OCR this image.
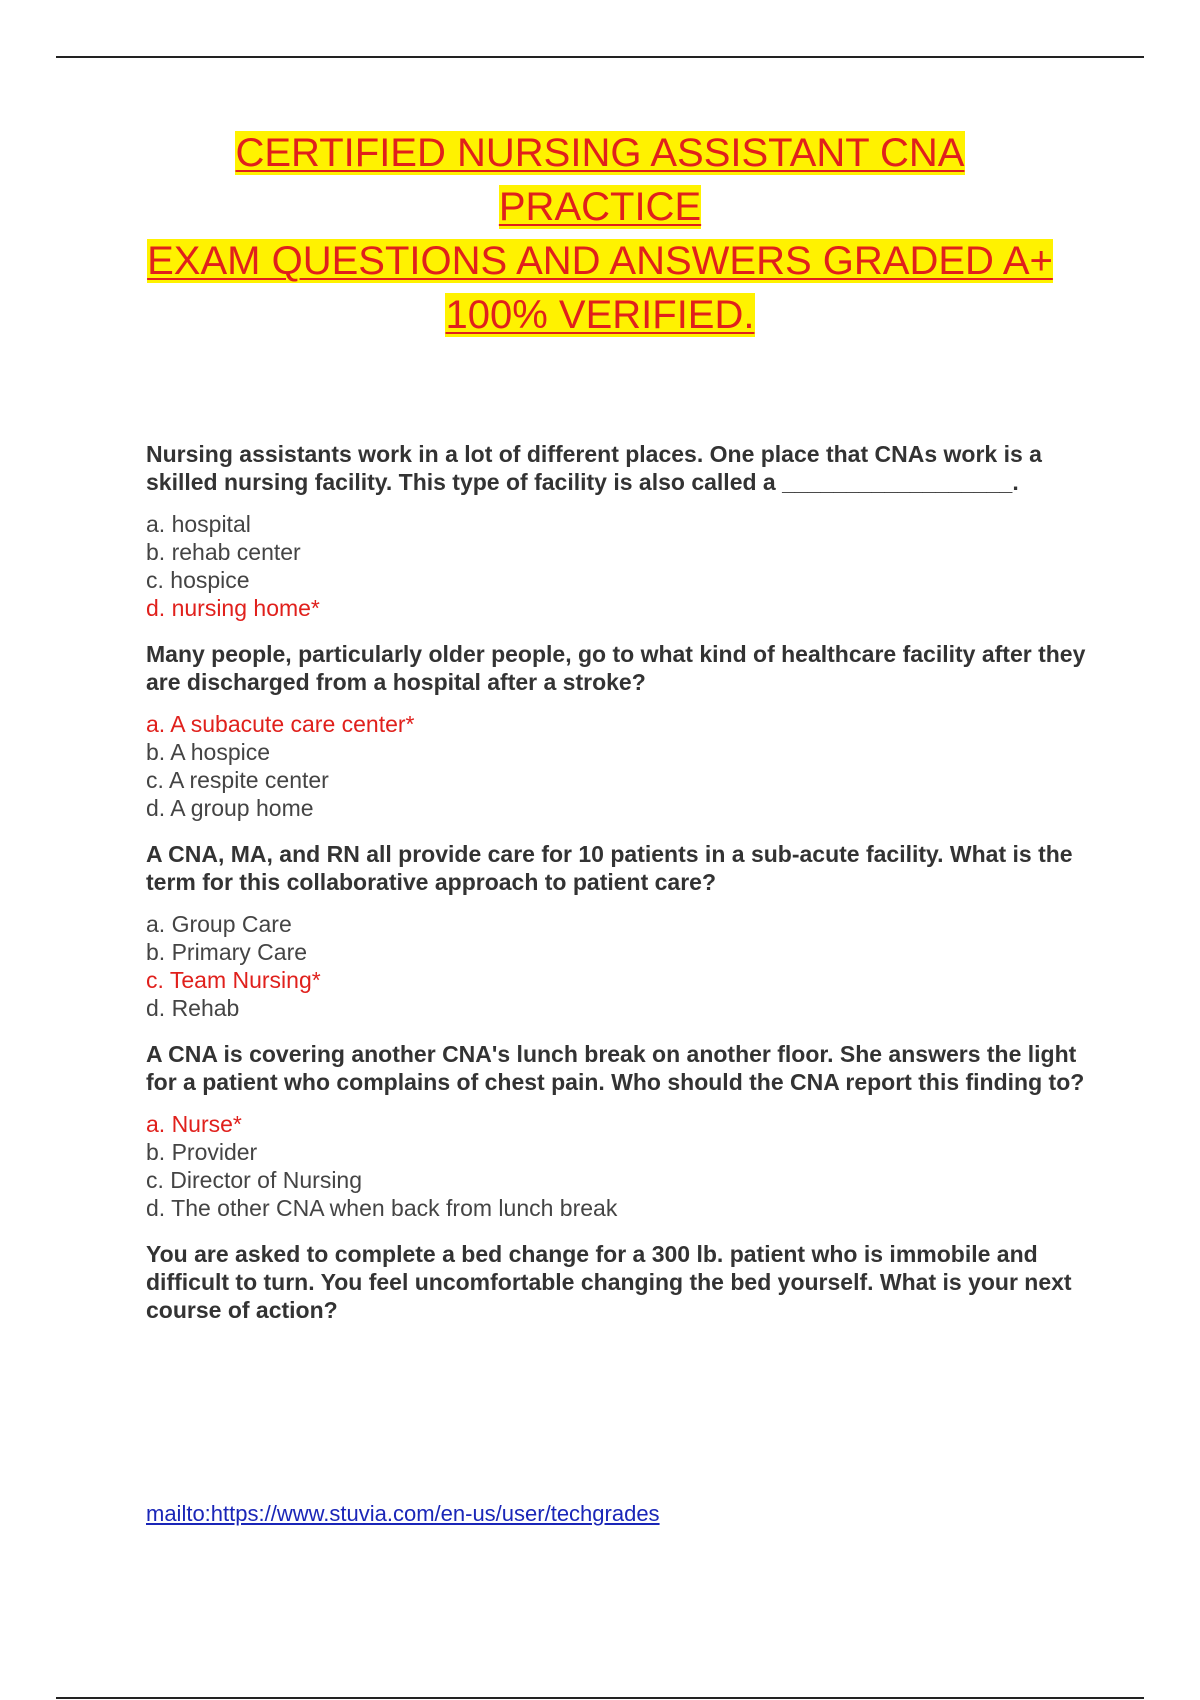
CERTIFIED NURSING ASSISTANT CNA PRACTICE
EXAM QUESTIONS AND ANSWERS GRADED A+
100% VERIFIED.

Nursing assistants work in a lot of different places. One place that CNAs work is a skilled nursing facility. This type of facility is also called a __________________.

a. hospital
b. rehab center
c. hospice
d. nursing home*

Many people, particularly older people, go to what kind of healthcare facility after they are discharged from a hospital after a stroke?

a. A subacute care center*
b. A hospice
c. A respite center
d. A group home

A CNA, MA, and RN all provide care for 10 patients in a sub-acute facility. What is the term for this collaborative approach to patient care?

a. Group Care
b. Primary Care
c. Team Nursing*
d. Rehab

A CNA is covering another CNA's lunch break on another floor. She answers the light for a patient who complains of chest pain. Who should the CNA report this finding to?

a. Nurse*
b. Provider
c. Director of Nursing
d. The other CNA when back from lunch break

You are asked to complete a bed change for a 300 lb. patient who is immobile and difficult to turn. You feel uncomfortable changing the bed yourself. What is your next course of action?

mailto:https://www.stuvia.com/en-us/user/techgrades
